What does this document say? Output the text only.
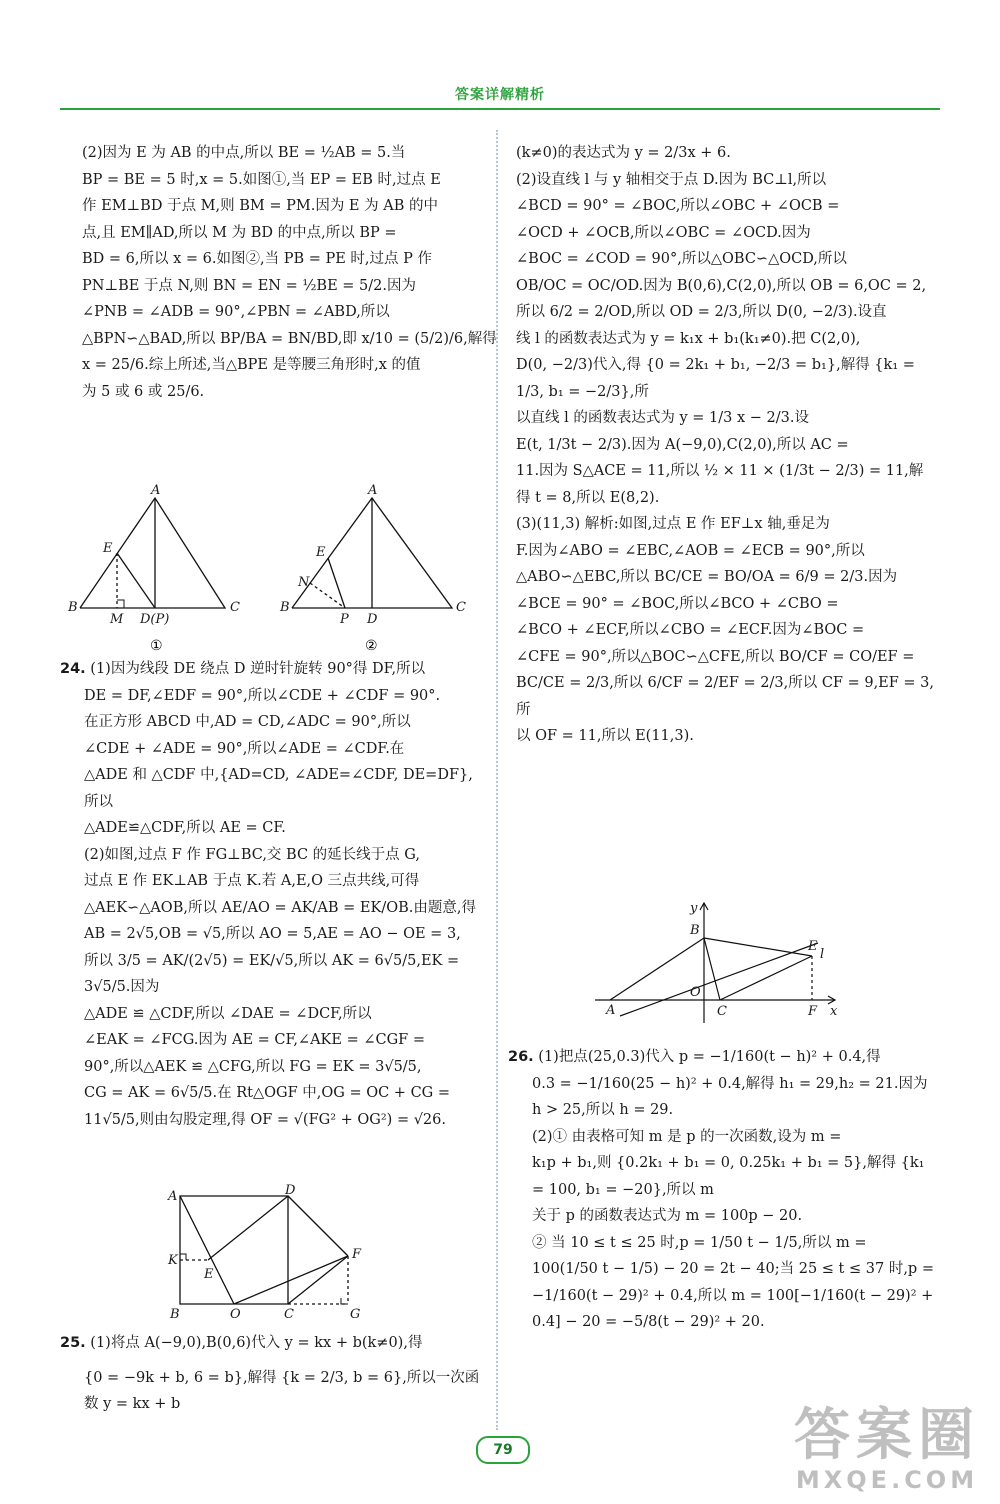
答案详解精析

(2)因为 E 为 AB 的中点,所以 BE = ½AB = 5.当

BP = BE = 5 时,x = 5.如图①,当 EP = EB 时,过点 E

作 EM⊥BD 于点 M,则 BM = PM.因为 E 为 AB 的中

点,且 EM∥AD,所以 M 为 BD 的中点,所以 BP =

BD = 6,所以 x = 6.如图②,当 PB = PE 时,过点 P 作

PN⊥BE 于点 N,则 BN = EN = ½BE = 5/2.因为

∠PNB = ∠ADB = 90°,∠PBN = ∠ABD,所以

△BPN∽△BAD,所以 BP/BA = BN/BD,即 x/10 = (5/2)/6,解得

x = 25/6.综上所述,当△BPE 是等腰三角形时,x 的值

为 5 或 6 或 25/6.

A
E
B
M D(P)
C
①
A
E
N
B
P D
C
②

24. (1)因为线段 DE 绕点 D 逆时针旋转 90°得 DF,所以

DE = DF,∠EDF = 90°,所以∠CDE + ∠CDF = 90°.

在正方形 ABCD 中,AD = CD,∠ADC = 90°,所以

∠CDE + ∠ADE = 90°,所以∠ADE = ∠CDF.在

△ADE 和 △CDF 中,{AD=CD, ∠ADE=∠CDF, DE=DF},所以

△ADE≌△CDF,所以 AE = CF.

(2)如图,过点 F 作 FG⊥BC,交 BC 的延长线于点 G,

过点 E 作 EK⊥AB 于点 K.若 A,E,O 三点共线,可得

△AEK∽△AOB,所以 AE/AO = AK/AB = EK/OB.由题意,得

AB = 2√5,OB = √5,所以 AO = 5,AE = AO − OE = 3,

所以 3/5 = AK/(2√5) = EK/√5,所以 AK = 6√5/5,EK = 3√5/5.因为

△ADE ≌ △CDF,所以 ∠DAE = ∠DCF,所以

∠EAK = ∠FCG.因为 AE = CF,∠AKE = ∠CGF =

90°,所以△AEK ≌ △CFG,所以 FG = EK = 3√5/5,

CG = AK = 6√5/5.在 Rt△OGF 中,OG = OC + CG =

11√5/5,则由勾股定理,得 OF = √(FG² + OG²) = √26.

A	D
K
E
F
B	O	C	G

25. (1)将点 A(−9,0),B(0,6)代入 y = kx + b(k≠0),得

{0 = −9k + b, 6 = b},解得 {k = 2/3, b = 6},所以一次函数 y = kx + b

(k≠0)的表达式为 y = 2/3x + 6.

(2)设直线 l 与 y 轴相交于点 D.因为 BC⊥l,所以

∠BCD = 90° = ∠BOC,所以∠OBC + ∠OCB =

∠OCD + ∠OCB,所以∠OBC = ∠OCD.因为

∠BOC = ∠COD = 90°,所以△OBC∽△OCD,所以

OB/OC = OC/OD.因为 B(0,6),C(2,0),所以 OB = 6,OC = 2,

所以 6/2 = 2/OD,所以 OD = 2/3,所以 D(0, −2/3).设直

线 l 的函数表达式为 y = k₁x + b₁(k₁≠0).把 C(2,0),

D(0, −2/3)代入,得 {0 = 2k₁ + b₁, −2/3 = b₁},解得 {k₁ = 1/3, b₁ = −2/3},所

以直线 l 的函数表达式为 y = 1/3 x − 2/3.设

E(t, 1/3t − 2/3).因为 A(−9,0),C(2,0),所以 AC =

11.因为 S△ACE = 11,所以 ½ × 11 × (1/3t − 2/3) = 11,解

得 t = 8,所以 E(8,2).

(3)(11,3) 解析:如图,过点 E 作 EF⊥x 轴,垂足为

F.因为∠ABO = ∠EBC,∠AOB = ∠ECB = 90°,所以

△ABO∽△EBC,所以 BC/CE = BO/OA = 6/9 = 2/3.因为

∠BCE = 90° = ∠BOC,所以∠BCO + ∠CBO =

∠BCO + ∠ECF,所以∠CBO = ∠ECF.因为∠BOC =

∠CFE = 90°,所以△BOC∽△CFE,所以 BO/CF = CO/EF =

BC/CE = 2/3,所以 6/CF = 2/EF = 2/3,所以 CF = 9,EF = 3,所

以 OF = 11,所以 E(11,3).

y
B
E
l
A
O
C	F x

26. (1)把点(25,0.3)代入 p = −1/160(t − h)² + 0.4,得

0.3 = −1/160(25 − h)² + 0.4,解得 h₁ = 29,h₂ = 21.因为

h > 25,所以 h = 29.

(2)① 由表格可知 m 是 p 的一次函数,设为 m =

k₁p + b₁,则 {0.2k₁ + b₁ = 0, 0.25k₁ + b₁ = 5},解得 {k₁ = 100, b₁ = −20},所以 m

关于 p 的函数表达式为 m = 100p − 20.

② 当 10 ≤ t ≤ 25 时,p = 1/50 t − 1/5,所以 m =

100(1/50 t − 1/5) − 20 = 2t − 40;当 25 ≤ t ≤ 37 时,p =

−1/160(t − 29)² + 0.4,所以 m = 100[−1/160(t − 29)² +

0.4] − 20 = −5/8(t − 29)² + 20.

79	答案圈
MXQE.COM
